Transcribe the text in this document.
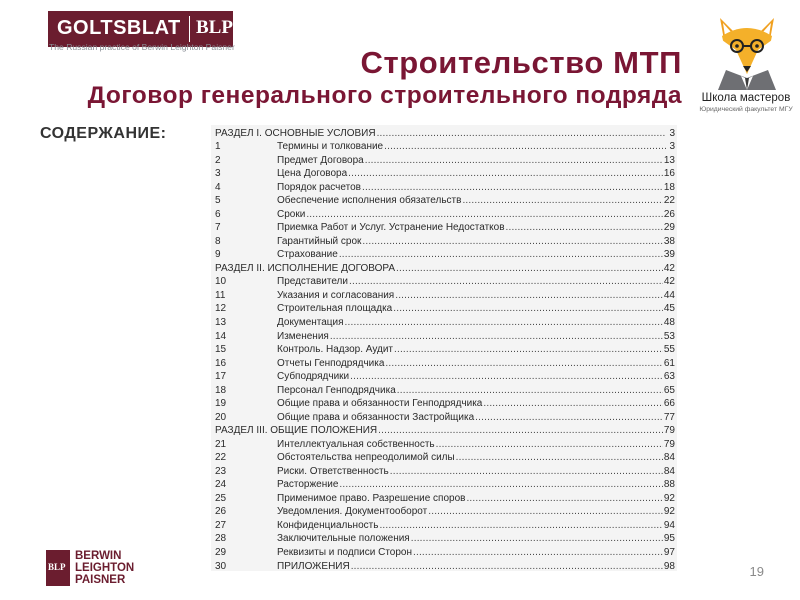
GOLTSBLAT BLP
The Russian practice of Berwin Leighton Paisner	Строительство МТП
Договор генерального строительного подряда
СОДЕРЖАНИЕ:
Школа мастеров
Юридический факультет МГУ
РАЗДЕЛ I. ОСНОВНЫЕ УСЛОВИЯ .....	3
1	Термины и толкование .....	3
2	Предмет Договора .....	13
3	Цена Договора .....	16
4	Порядок расчетов .....	18
5	Обеспечение исполнения обязательств .....	22
6	Сроки .....	26
7	Приемка Работ и Услуг. Устранение Недостатков .....	29
8	Гарантийный срок .....	38
9	Страхование .....	39
РАЗДЕЛ II. ИСПОЛНЕНИЕ ДОГОВОРА .....	42
10	Представители .....	42
11	Указания и согласования .....	44
12	Строительная площадка .....	45
13	Документация .....	48
14	Изменения .....	53
15	Контроль. Надзор. Аудит .....	55
16	Отчеты Генподрядчика .....	61
17	Субподрядчики .....	63
18	Персонал Генподрядчика .....	65
19	Общие права и обязанности Генподрядчика .....	66
20	Общие права и обязанности Застройщика .....	77
РАЗДЕЛ III. ОБЩИЕ ПОЛОЖЕНИЯ .....	79
21	Интеллектуальная собственность .....	79
22	Обстоятельства непреодолимой силы .....	84
23	Риски. Ответственность .....	84
24	Расторжение .....	88
25	Применимое право. Разрешение споров .....	92
26	Уведомления. Документооборот .....	92
27	Конфиденциальность .....	94
28	Заключительные положения .....	95
29	Реквизиты и подписи Сторон .....	97
30	ПРИЛОЖЕНИЯ .....	98
BLP
BERWIN
LEIGHTON
PAISNER
19
